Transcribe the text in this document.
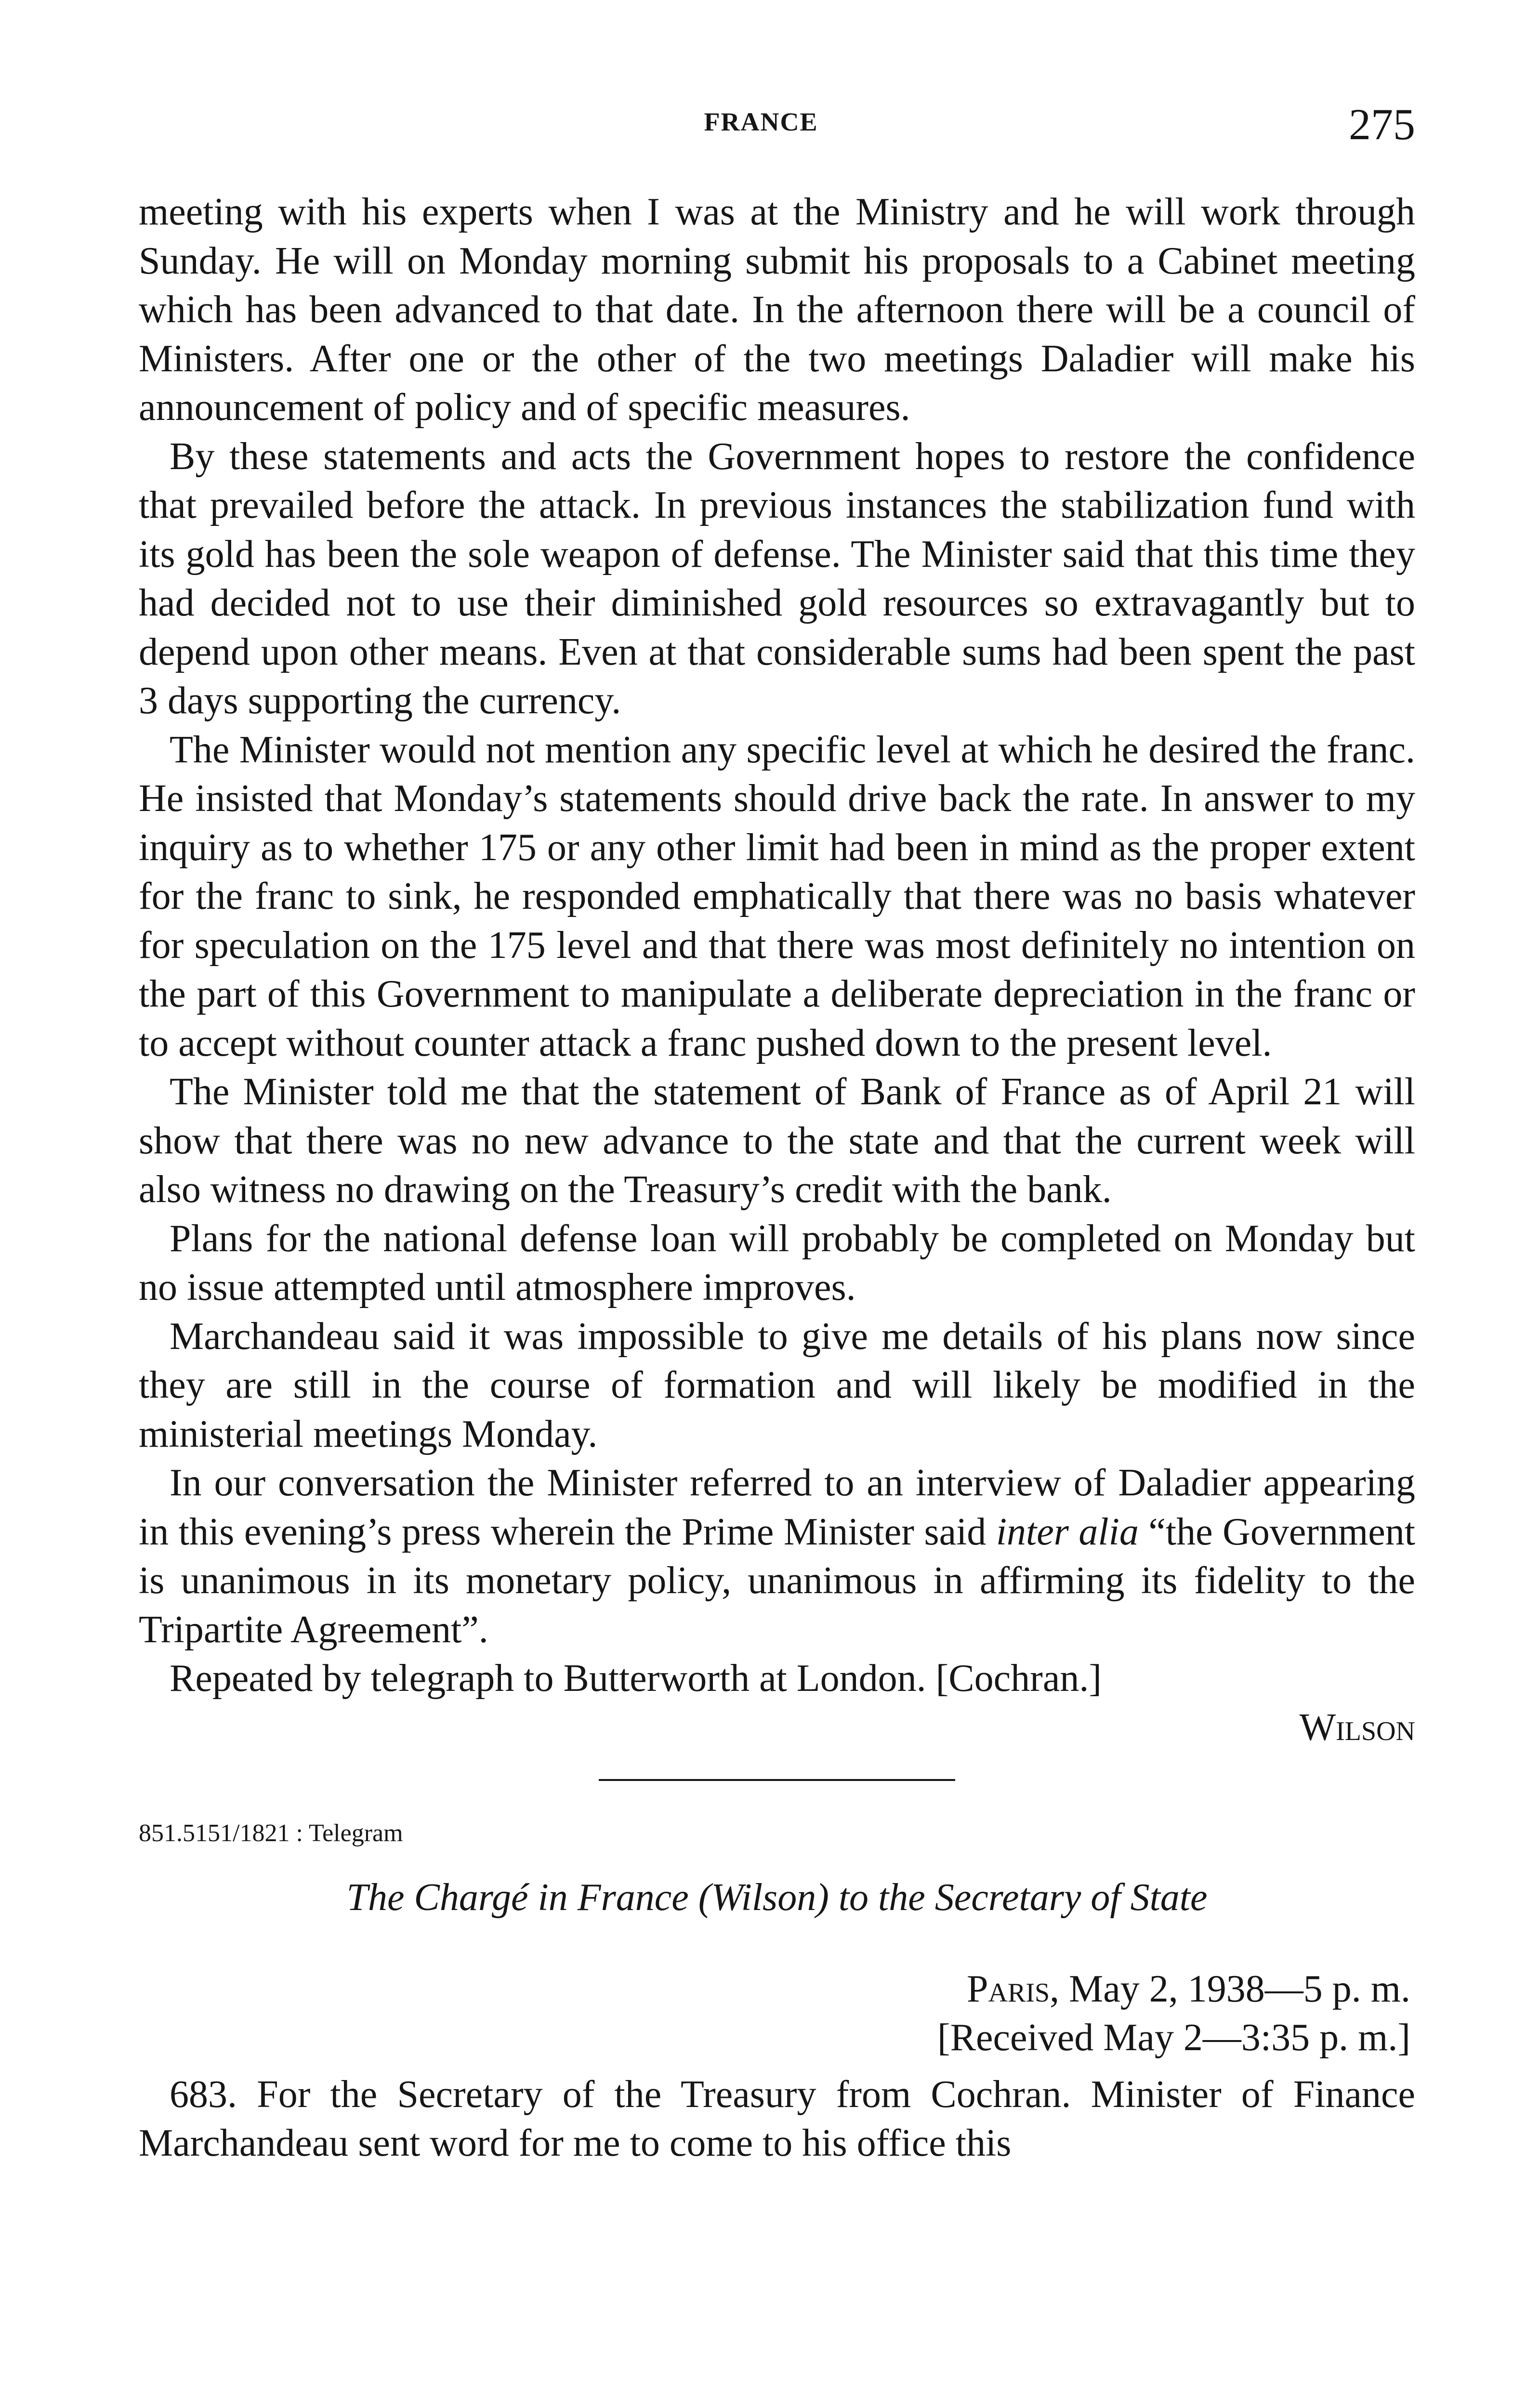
FRANCE	275

meeting with his experts when I was at the Ministry and he will work through Sunday. He will on Monday morning submit his proposals to a Cabinet meeting which has been advanced to that date. In the afternoon there will be a council of Ministers. After one or the other of the two meetings Daladier will make his announcement of policy and of specific measures.

By these statements and acts the Government hopes to restore the confidence that prevailed before the attack. In previous instances the stabilization fund with its gold has been the sole weapon of defense. The Minister said that this time they had decided not to use their diminished gold resources so extravagantly but to depend upon other means. Even at that considerable sums had been spent the past 3 days supporting the currency.

The Minister would not mention any specific level at which he desired the franc. He insisted that Monday’s statements should drive back the rate. In answer to my inquiry as to whether 175 or any other limit had been in mind as the proper extent for the franc to sink, he responded emphatically that there was no basis whatever for speculation on the 175 level and that there was most definitely no intention on the part of this Government to manipulate a deliberate depreciation in the franc or to accept without counter attack a franc pushed down to the present level.

The Minister told me that the statement of Bank of France as of April 21 will show that there was no new advance to the state and that the current week will also witness no drawing on the Treasury’s credit with the bank.

Plans for the national defense loan will probably be completed on Monday but no issue attempted until atmosphere improves.

Marchandeau said it was impossible to give me details of his plans now since they are still in the course of formation and will likely be modified in the ministerial meetings Monday.

In our conversation the Minister referred to an interview of Daladier appearing in this evening’s press wherein the Prime Minister said inter alia “the Government is unanimous in its monetary policy, unanimous in affirming its fidelity to the Tripartite Agreement”.

Repeated by telegraph to Butterworth at London. [Cochran.]

Wilson

851.5151/1821 : Telegram

The Chargé in France (Wilson) to the Secretary of State

Paris, May 2, 1938—5 p. m.

[Received May 2—3:35 p. m.]

683. For the Secretary of the Treasury from Cochran. Minister of Finance Marchandeau sent word for me to come to his office this
